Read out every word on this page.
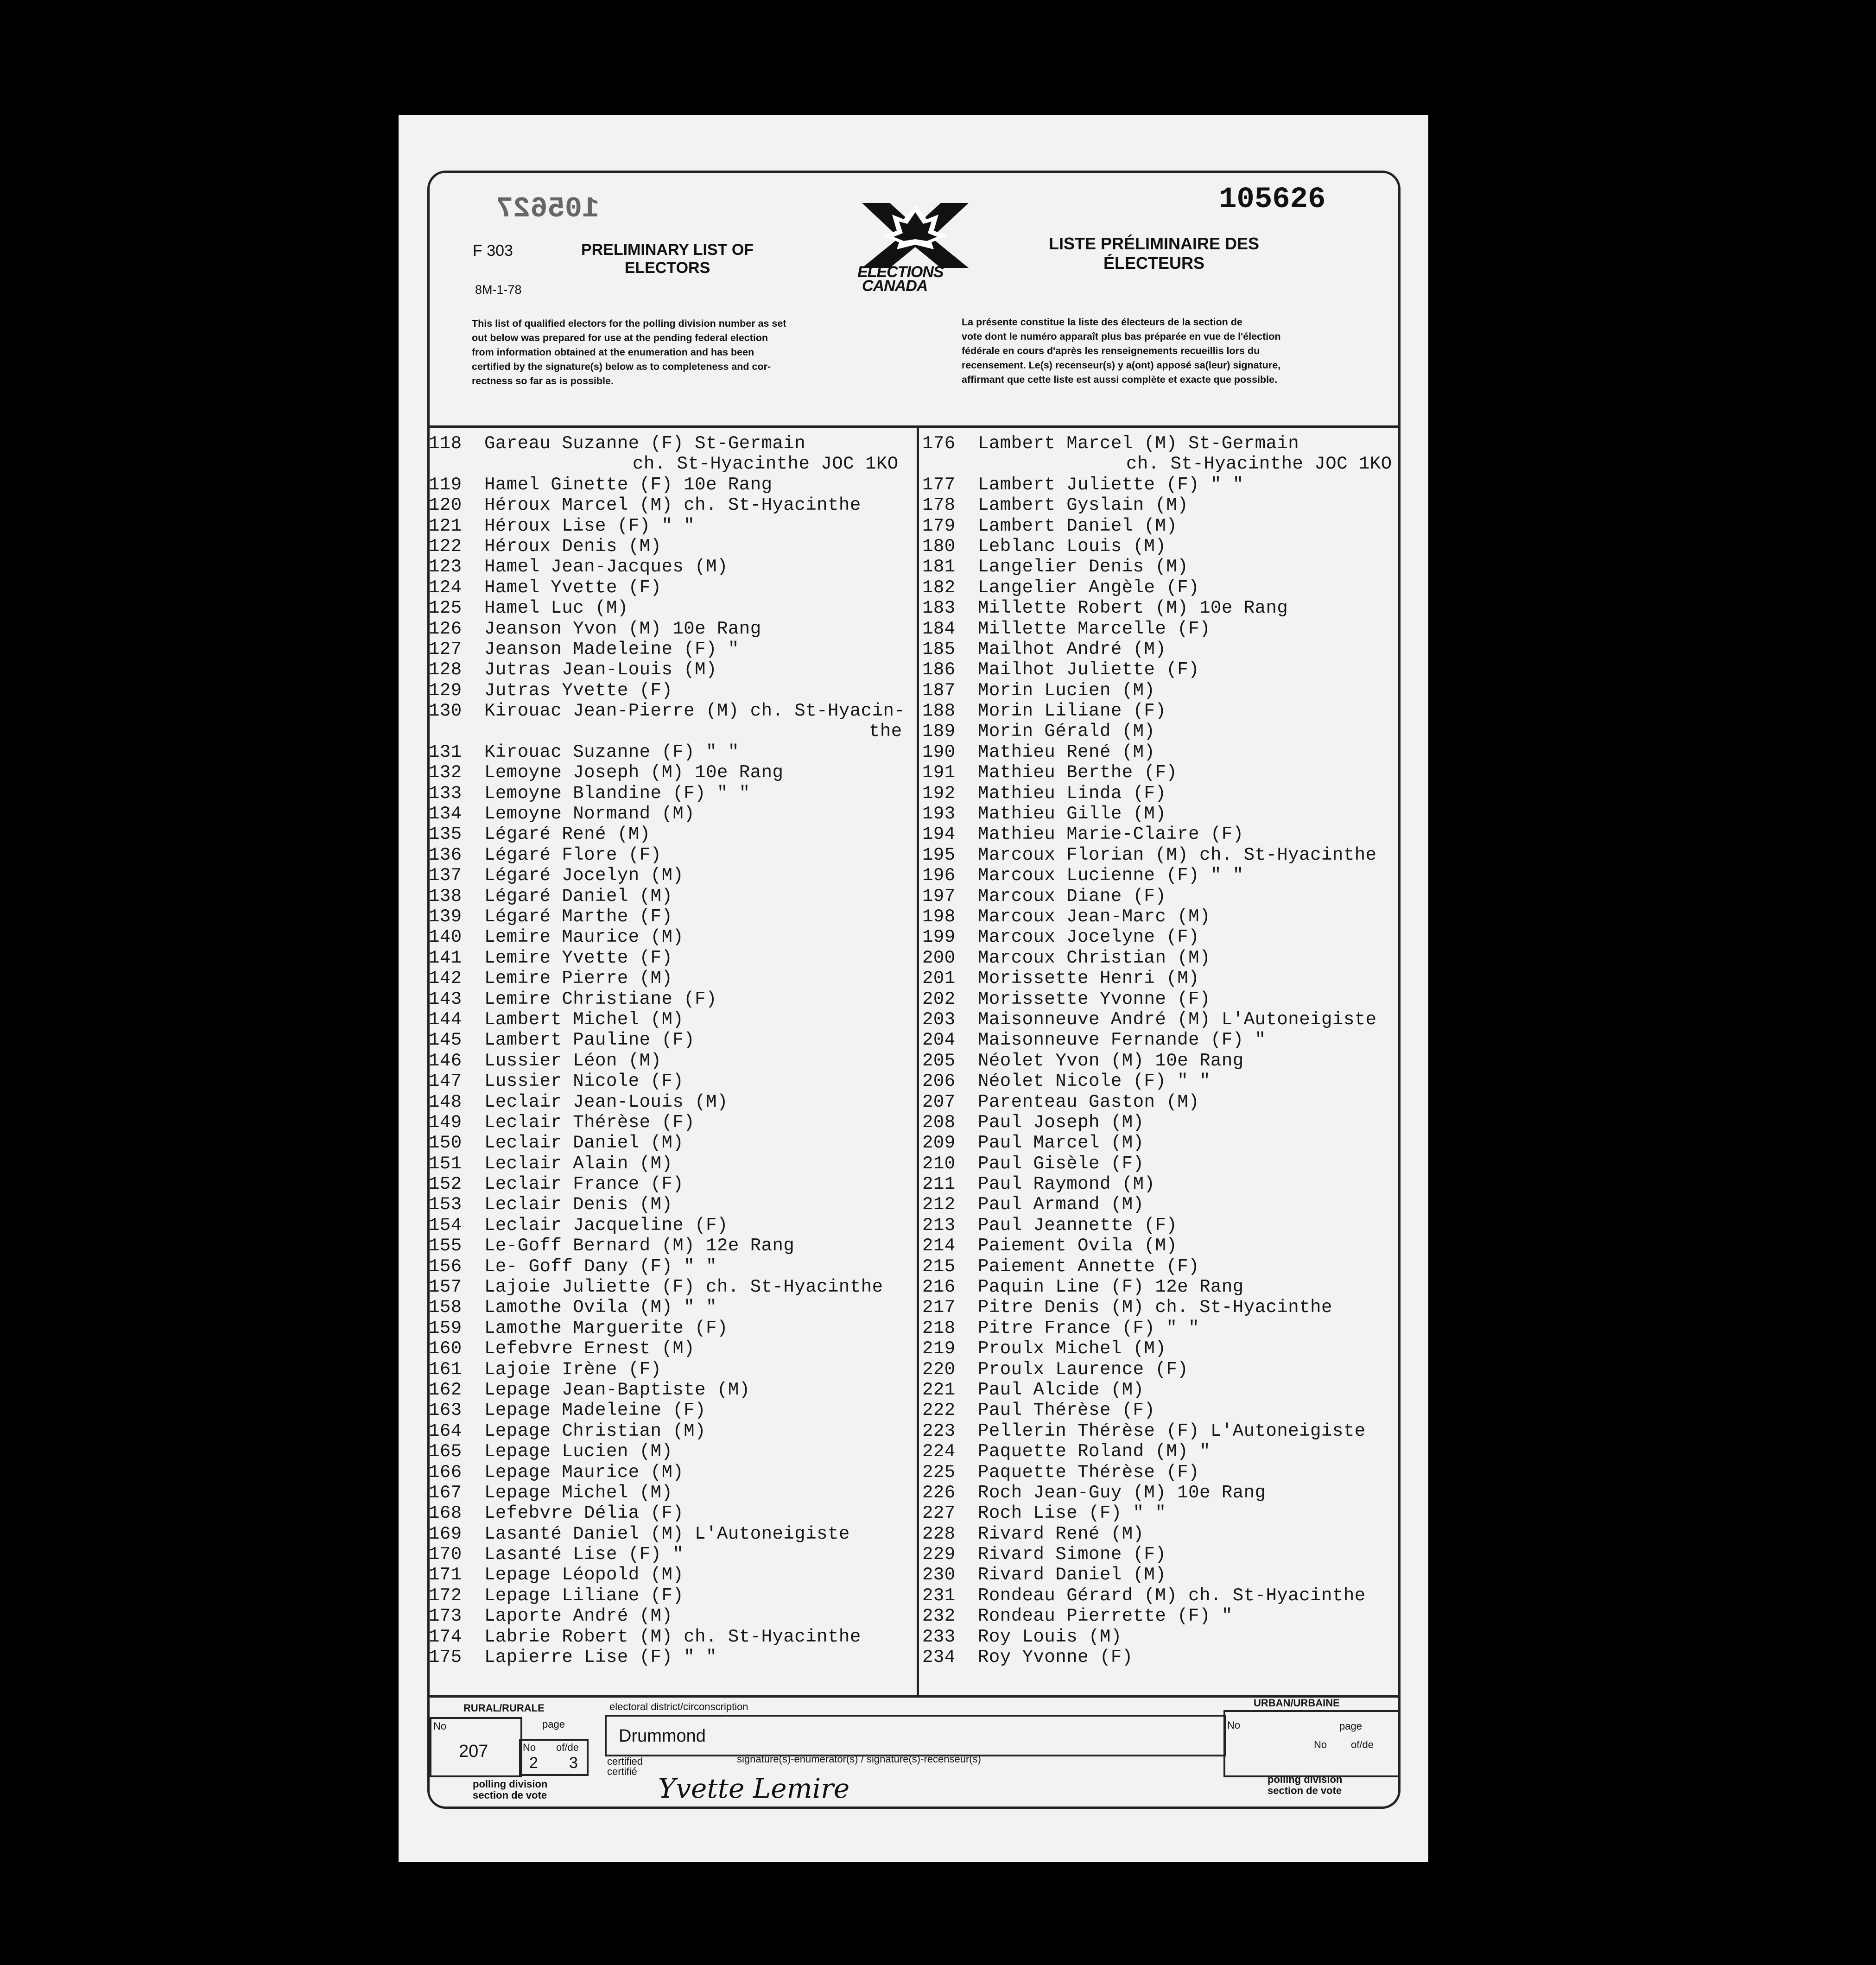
105627	105626
F 303
8M-1-78
PRELIMINARY LIST OF
ELECTORS	ELECTIONS
CANADA
LISTE PRÉLIMINAIRE DES
ÉLECTEURS
This list of qualified electors for the polling division number as set
out below was prepared for use at the pending federal election
from information obtained at the enumeration and has been
certified by the signature(s) below as to completeness and cor-
rectness so far as is possible.
La présente constitue la liste des électeurs de la section de
vote dont le numéro apparaît plus bas préparée en vue de l'élection
fédérale en cours d'après les renseignements recueillis lors du
recensement. Le(s) recenseur(s) y a(ont) apposé sa(leur) signature,
affirmant que cette liste est aussi complète et exacte que possible.
118 Gareau Suzanne (F) St-Germain
ch. St-Hyacinthe JOC 1KO
119 Hamel Ginette (F) 10e Rang
120 Héroux Marcel (M) ch. St-Hyacinthe
121 Héroux Lise (F) " "
122 Héroux Denis (M)
123 Hamel Jean-Jacques (M)
124 Hamel Yvette (F)
125 Hamel Luc (M)
126 Jeanson Yvon (M) 10e Rang
127 Jeanson Madeleine (F) "
128 Jutras Jean-Louis (M)
129 Jutras Yvette (F)
130 Kirouac Jean-Pierre (M) ch. St-Hyacin-
the
131 Kirouac Suzanne (F) " "
132 Lemoyne Joseph (M) 10e Rang
133 Lemoyne Blandine (F) " "
134 Lemoyne Normand (M)
135 Légaré René (M)
136 Légaré Flore (F)
137 Légaré Jocelyn (M)
138 Légaré Daniel (M)
139 Légaré Marthe (F)
140 Lemire Maurice (M)
141 Lemire Yvette (F)
142 Lemire Pierre (M)
143 Lemire Christiane (F)
144 Lambert Michel (M)
145 Lambert Pauline (F)
146 Lussier Léon (M)
147 Lussier Nicole (F)
148 Leclair Jean-Louis (M)
149 Leclair Thérèse (F)
150 Leclair Daniel (M)
151 Leclair Alain (M)
152 Leclair France (F)
153 Leclair Denis (M)
154 Leclair Jacqueline (F)
155 Le-Goff Bernard (M) 12e Rang
156 Le- Goff Dany (F) " "
157 Lajoie Juliette (F) ch. St-Hyacinthe
158 Lamothe Ovila (M) " "
159 Lamothe Marguerite (F)
160 Lefebvre Ernest (M)
161 Lajoie Irène (F)
162 Lepage Jean-Baptiste (M)
163 Lepage Madeleine (F)
164 Lepage Christian (M)
165 Lepage Lucien (M)
166 Lepage Maurice (M)
167 Lepage Michel (M)
168 Lefebvre Délia (F)
169 Lasanté Daniel (M) L'Autoneigiste
170 Lasanté Lise (F) "
171 Lepage Léopold (M)
172 Lepage Liliane (F)
173 Laporte André (M)
174 Labrie Robert (M) ch. St-Hyacinthe
175 Lapierre Lise (F) " "
176 Lambert Marcel (M) St-Germain
ch. St-Hyacinthe JOC 1KO
177 Lambert Juliette (F) " "
178 Lambert Gyslain (M)
179 Lambert Daniel (M)
180 Leblanc Louis (M)
181 Langelier Denis (M)
182 Langelier Angèle (F)
183 Millette Robert (M) 10e Rang
184 Millette Marcelle (F)
185 Mailhot André (M)
186 Mailhot Juliette (F)
187 Morin Lucien (M)
188 Morin Liliane (F)
189 Morin Gérald (M)
190 Mathieu René (M)
191 Mathieu Berthe (F)
192 Mathieu Linda (F)
193 Mathieu Gille (M)
194 Mathieu Marie-Claire (F)
195 Marcoux Florian (M) ch. St-Hyacinthe
196 Marcoux Lucienne (F) " "
197 Marcoux Diane (F)
198 Marcoux Jean-Marc (M)
199 Marcoux Jocelyne (F)
200 Marcoux Christian (M)
201 Morissette Henri (M)
202 Morissette Yvonne (F)
203 Maisonneuve André (M) L'Autoneigiste
204 Maisonneuve Fernande (F) "
205 Néolet Yvon (M) 10e Rang
206 Néolet Nicole (F) " "
207 Parenteau Gaston (M)
208 Paul Joseph (M)
209 Paul Marcel (M)
210 Paul Gisèle (F)
211 Paul Raymond (M)
212 Paul Armand (M)
213 Paul Jeannette (F)
214 Paiement Ovila (M)
215 Paiement Annette (F)
216 Paquin Line (F) 12e Rang
217 Pitre Denis (M) ch. St-Hyacinthe
218 Pitre France (F) " "
219 Proulx Michel (M)
220 Proulx Laurence (F)
221 Paul Alcide (M)
222 Paul Thérèse (F)
223 Pellerin Thérèse (F) L'Autoneigiste
224 Paquette Roland (M) "
225 Paquette Thérèse (F)
226 Roch Jean-Guy (M) 10e Rang
227 Roch Lise (F) " "
228 Rivard René (M)
229 Rivard Simone (F)
230 Rivard Daniel (M)
231 Rondeau Gérard (M) ch. St-Hyacinthe
232 Rondeau Pierrette (F) "
233 Roy Louis (M)
234 Roy Yvonne (F)
RURAL/RURALE
No
207
page
No
2
of/de
3
polling division
section de vote
electoral district/circonscription
Drummond
certified
certifié
signature(s)-enumerator(s) / signature(s)-recenseur(s)
Yvette Lemire
URBAN/URBAINE
No	page
No of/de
polling division
section de vote
